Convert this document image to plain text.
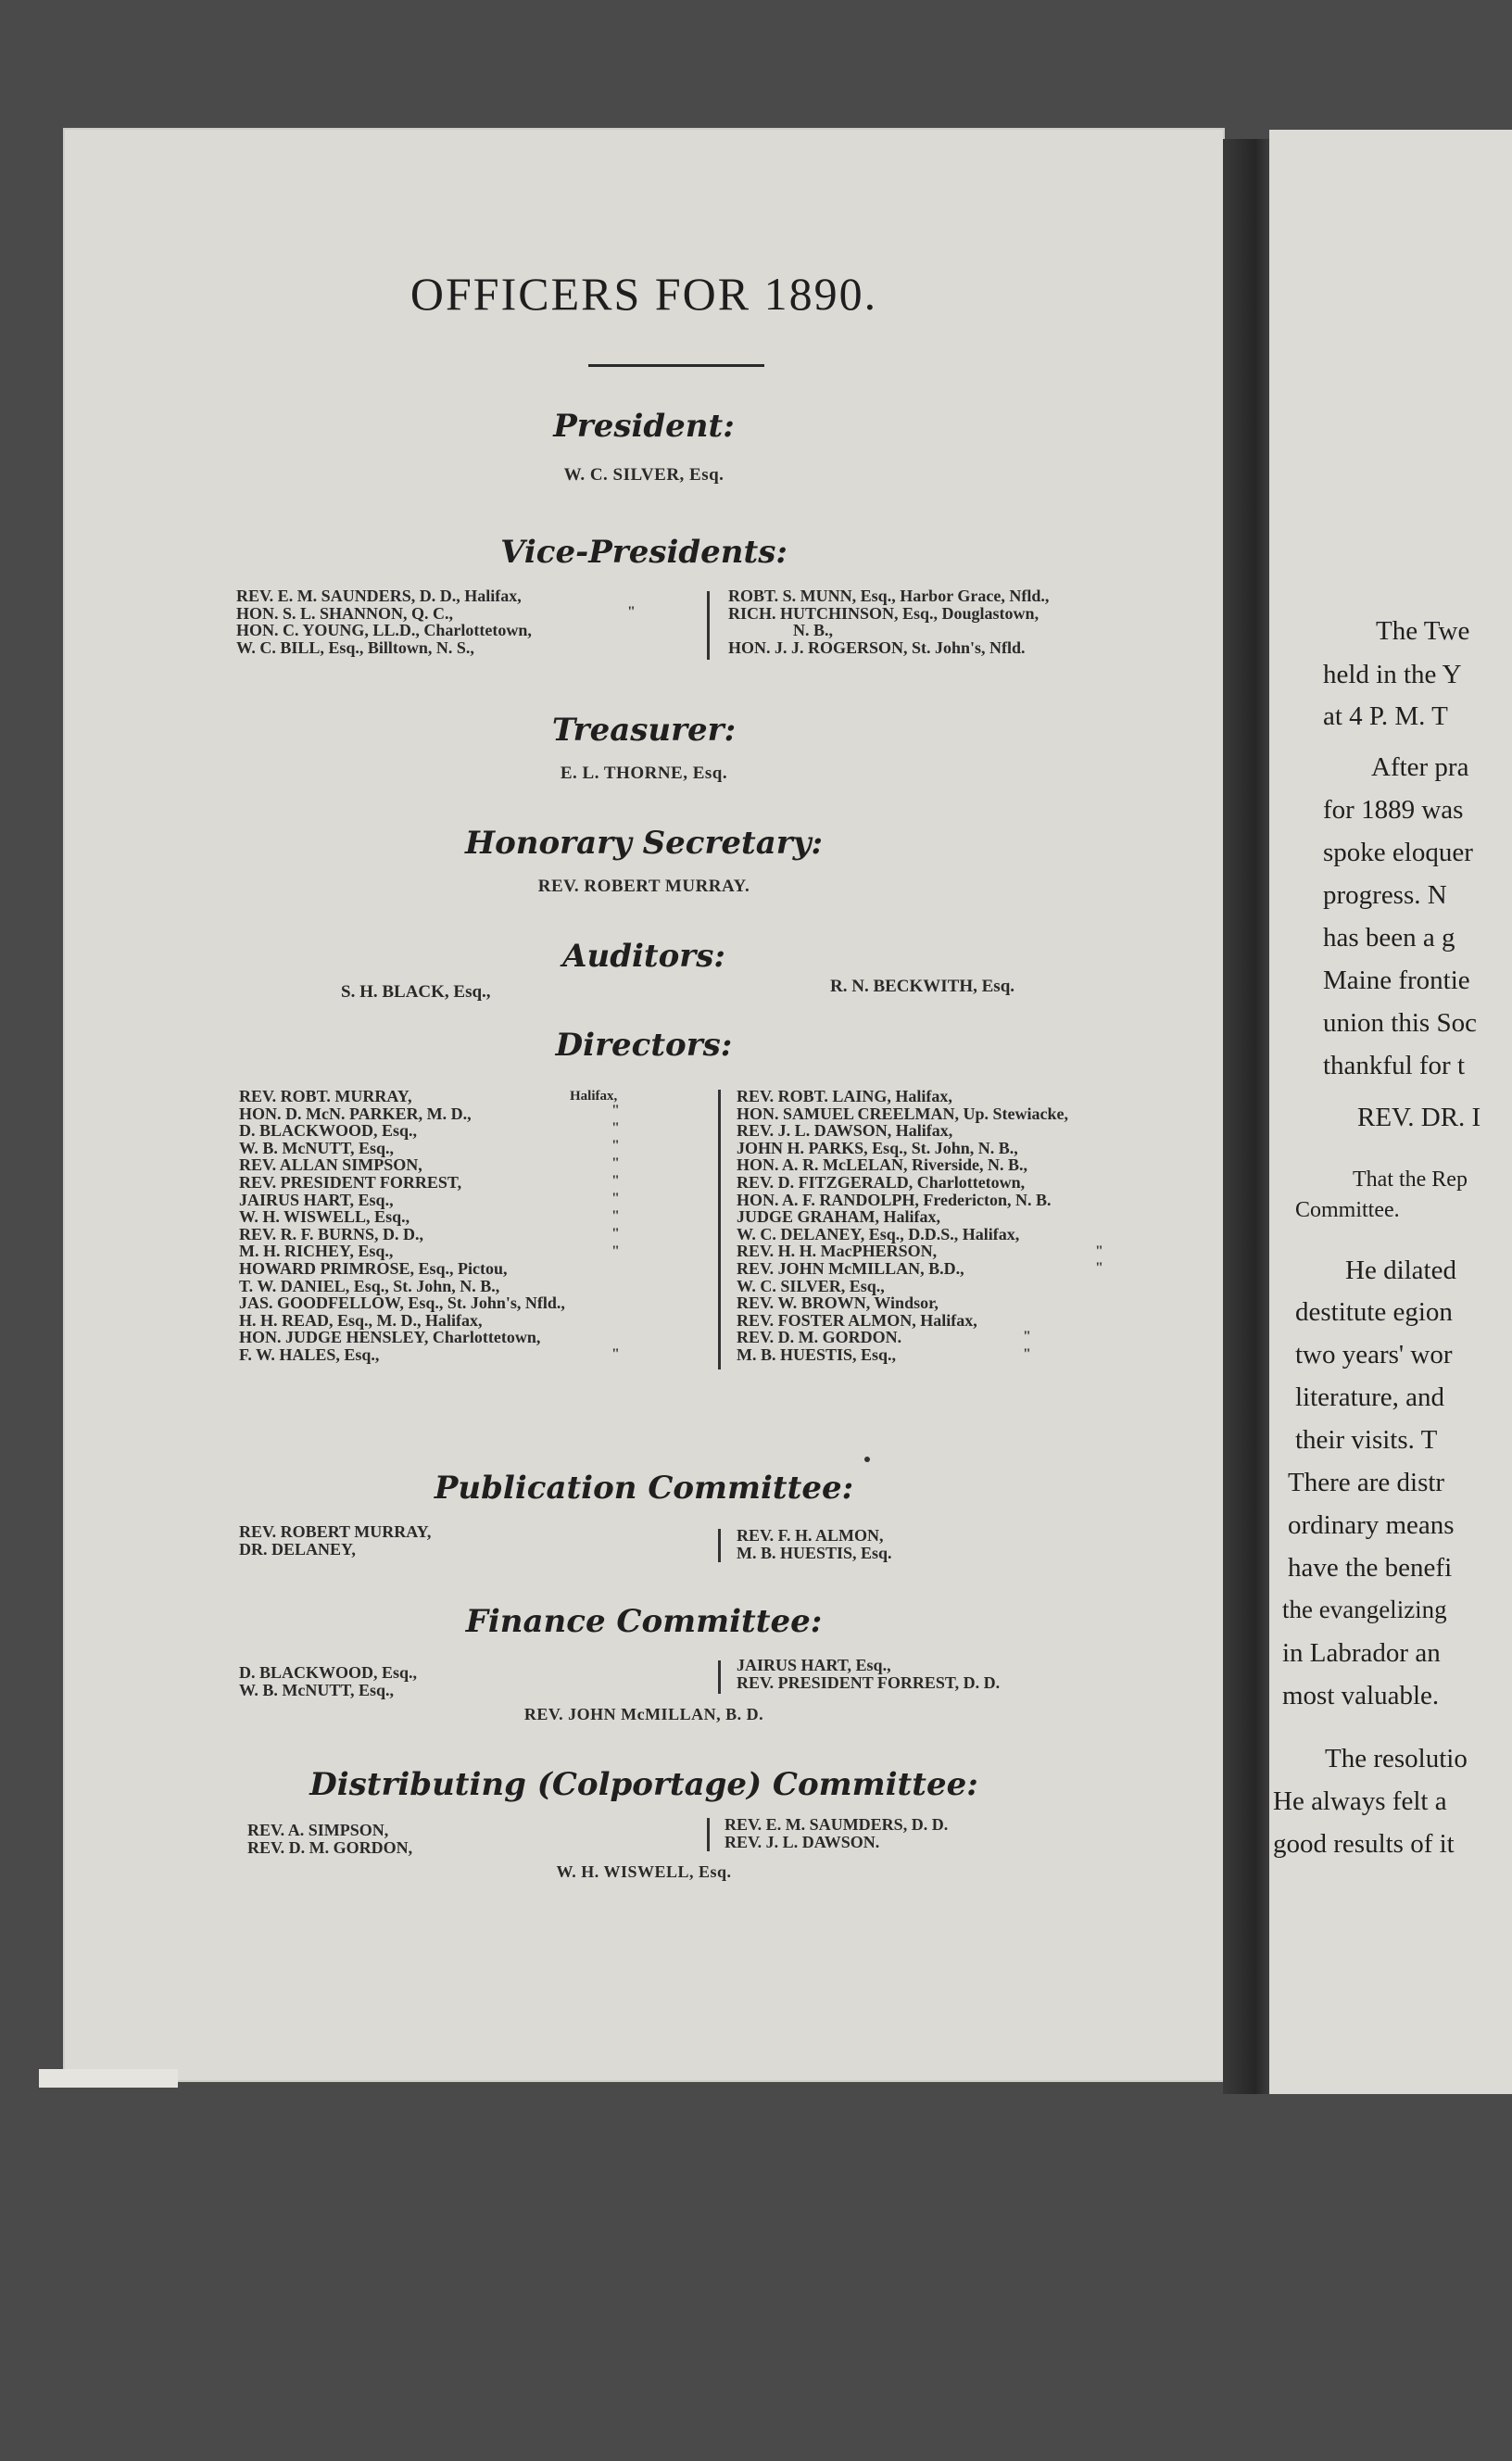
OFFICERS FOR 1890.
President:
W. C. SILVER, Esq.
Vice-Presidents:
REV. E. M. SAUNDERS, D. D., Halifax,
HON. S. L. SHANNON, Q. C.,
HON. C. YOUNG, LL.D., Charlottetown,
W. C. BILL, Esq., Billtown, N. S.,
"
ROBT. S. MUNN, Esq., Harbor Grace, Nfld.,
RICH. HUTCHINSON, Esq., Douglastown,
N. B.,
HON. J. J. ROGERSON, St. John's, Nfld.
Treasurer:
E. L. THORNE, Esq.
Honorary Secretary:
REV. ROBERT MURRAY.
Auditors:
S. H. BLACK, Esq.,	R. N. BECKWITH, Esq.
Directors:
REV. ROBT. MURRAY,
HON. D. McN. PARKER, M. D.,
D. BLACKWOOD, Esq.,
W. B. McNUTT, Esq.,
REV. ALLAN SIMPSON,
REV. PRESIDENT FORREST,
JAIRUS HART, Esq.,
W. H. WISWELL, Esq.,
REV. R. F. BURNS, D. D.,
M. H. RICHEY, Esq.,
HOWARD PRIMROSE, Esq., Pictou,
T. W. DANIEL, Esq., St. John, N. B.,
JAS. GOODFELLOW, Esq., St. John's, Nfld.,
H. H. READ, Esq., M. D., Halifax,
HON. JUDGE HENSLEY, Charlottetown,
F. W. HALES, Esq.,
Halifax,
"
"
"
"
"
"
"
"
"
"
REV. ROBT. LAING, Halifax,
HON. SAMUEL CREELMAN, Up. Stewiacke,
REV. J. L. DAWSON, Halifax,
JOHN H. PARKS, Esq., St. John, N. B.,
HON. A. R. McLELAN, Riverside, N. B.,
REV. D. FITZGERALD, Charlottetown,
HON. A. F. RANDOLPH, Fredericton, N. B.
JUDGE GRAHAM, Halifax,
W. C. DELANEY, Esq., D.D.S., Halifax,
REV. H. H. MacPHERSON,
REV. JOHN McMILLAN, B.D.,
W. C. SILVER, Esq.,
REV. W. BROWN, Windsor,
REV. FOSTER ALMON, Halifax,
REV. D. M. GORDON.
M. B. HUESTIS, Esq.,
"
"
"
"
Publication Committee:
REV. ROBERT MURRAY,
DR. DELANEY,
REV. F. H. ALMON,
M. B. HUESTIS, Esq.
Finance Committee:
D. BLACKWOOD, Esq.,
W. B. McNUTT, Esq.,
JAIRUS HART, Esq.,
REV. PRESIDENT FORREST, D. D.
REV. JOHN McMILLAN, B. D.
Distributing (Colportage) Committee:
REV. A. SIMPSON,
REV. D. M. GORDON,
REV. E. M. SAUMDERS, D. D.
REV. J. L. DAWSON.
W. H. WISWELL, Esq.
The Twe
held in the Y
at 4 P. M. T
After pra
for 1889 was
spoke eloquer
progress. N
has been a g
Maine frontie
union this Soc
thankful for t
REV. DR. I
That the Rep
Committee.
He dilated
destitute egion
two years' wor
literature, and
their visits. T
There are distr
ordinary means
have the benefi
the evangelizing
in Labrador an
most valuable.
The resolutio
He always felt a
good results of it
